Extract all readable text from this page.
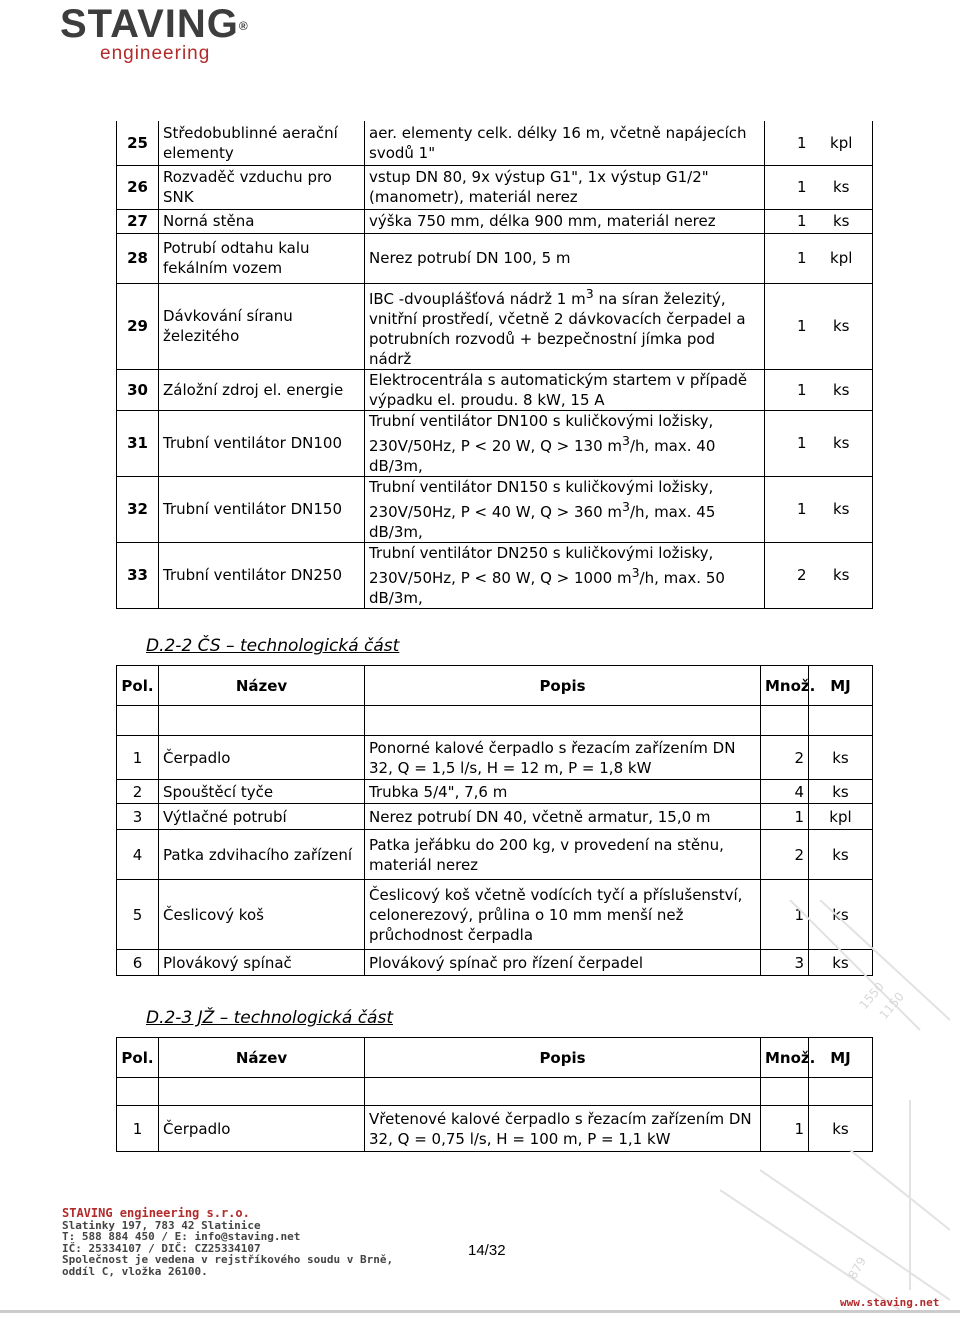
STAVING®
engineering
25	Středobublinné aerační elementy	aer. elementy celk. délky 16 m, včetně napájecích svodů 1"	1	kpl
26	Rozvaděč vzduchu pro SNK	vstup DN 80, 9x výstup G1", 1x výstup G1/2" (manometr), materiál nerez	1	ks
27	Norná stěna	výška 750 mm, délka 900 mm, materiál nerez	1	ks
28	Potrubí odtahu kalu fekálním vozem	Nerez potrubí DN 100, 5 m	1	kpl
29	Dávkování síranu železitého	IBC -dvouplášťová nádrž 1 $m^3$ na síran železitý, vnitřní prostředí, včetně 2 dávkovacích čerpadel a potrubních rozvodů + bezpečnostní jímka pod nádrž	1	ks
30	Záložní zdroj el. energie	Elektrocentrála s automatickým startem v případě výpadku el. proudu. 8 kW, 15 A	1	ks
31	Trubní ventilátor DN100	Trubní ventilátor DN100 s kuličkovými ložisky, 230V/50Hz, P < 20 W, Q > 130 $m^3/h$, max. 40 dB/3m,	1	ks
32	Trubní ventilátor DN150	Trubní ventilátor DN150 s kuličkovými ložisky, 230V/50Hz, P < 40 W, Q > 360 $m^3/h$, max. 45 dB/3m,	1	ks
33	Trubní ventilátor DN250	Trubní ventilátor DN250 s kuličkovými ložisky, 230V/50Hz, P < 80 W, Q > 1000 $m^3/h$, max. 50 dB/3m,	2	ks
D.2-2 ČS – technologická část
Pol.	Název	Popis	Množ.	MJ

1	Čerpadlo	Ponorné kalové čerpadlo s řezacím zařízením DN 32, Q = 1,5 l/s, H = 12 m, P = 1,8 kW	2	ks
2	Spouštěcí tyče	Trubka 5/4", 7,6 m	4	ks
3	Výtlačné potrubí	Nerez potrubí DN 40, včetně armatur, 15,0 m	1	kpl
4	Patka zdvihacího zařízení	Patka jeřábku do 200 kg, v provedení na stěnu, materiál nerez	2	ks
5	Česlicový koš	Česlicový koš včetně vodících tyčí a příslušenství, celonerezový, průlina o 10 mm menší než průchodnost čerpadla	1	ks
6	Plovákový spínač	Plovákový spínač pro řízení čerpadel	3	ks
D.2-3 JŽ – technologická část
Pol.	Název	Popis	Množ.	MJ

1	Čerpadlo	Vřetenové kalové čerpadlo s řezacím zařízením DN 32, Q = 0,75 l/s, H = 100 m, P = 1,1 kW	1	ks
1550
1150
879
STAVING engineering s.r.o.
Slatinky 197, 783 42 Slatinice
T: 588 884 450 / E: info@staving.net
IČ: 25334107 / DIČ: CZ25334107
Společnost je vedena v rejstříkového soudu v Brně,
oddíl C, vložka 26100.
14/32
www.staving.net
